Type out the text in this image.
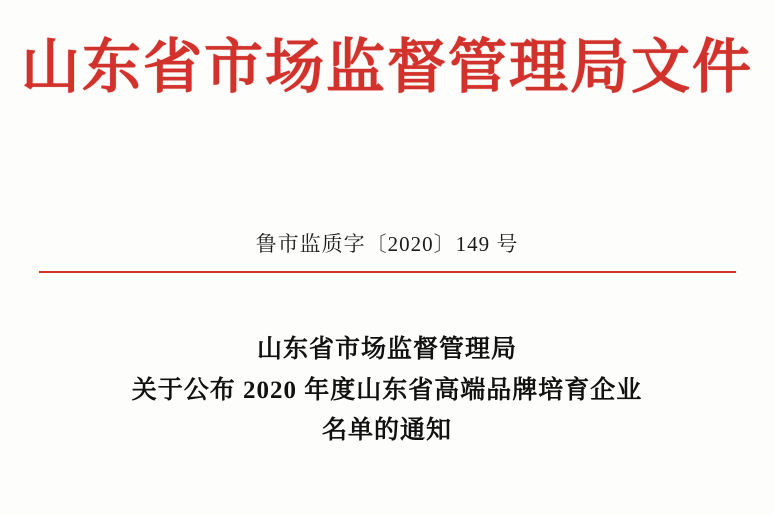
山东省市场监督管理局文件
鲁市监质字〔2020〕149 号
山东省市场监督管理局
关于公布 2020 年度山东省高端品牌培育企业
名单的通知
